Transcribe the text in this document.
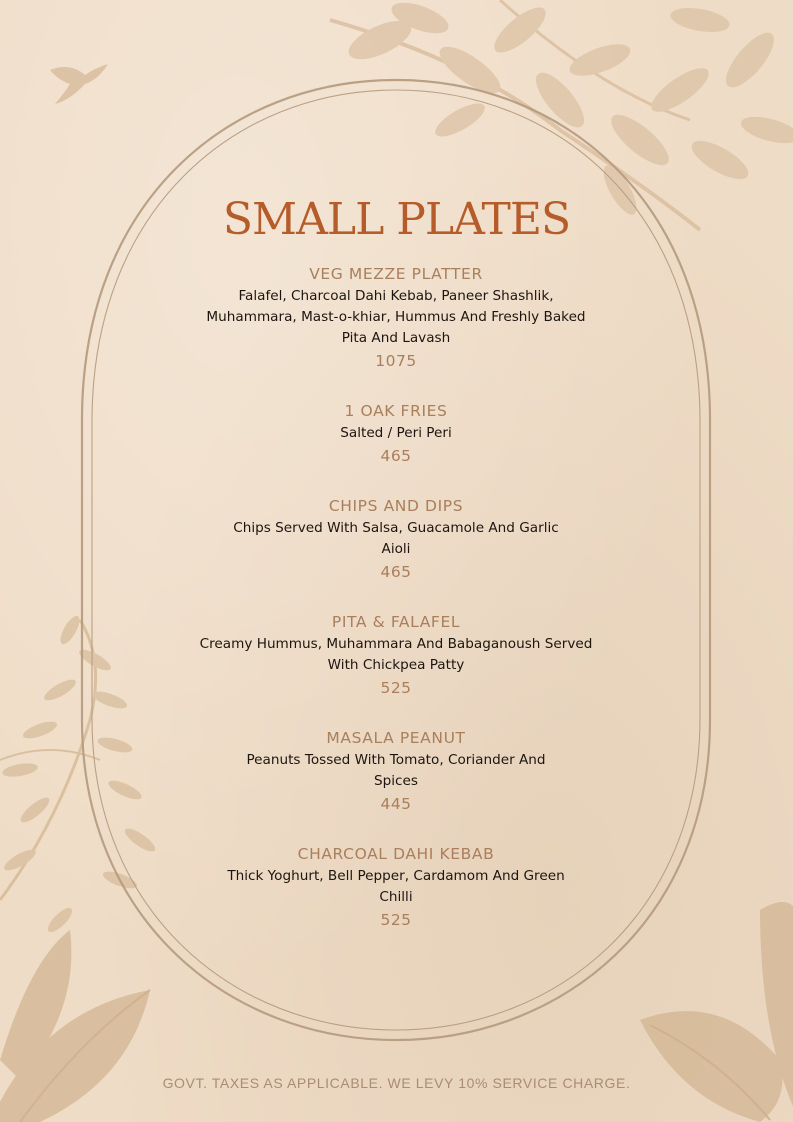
SMALL PLATES
VEG MEZZE PLATTER
Falafel, Charcoal Dahi Kebab, Paneer Shashlik, Muhammara, Mast-o-khiar, Hummus And Freshly Baked Pita And Lavash
1075
1 OAK FRIES
Salted / Peri Peri
465
CHIPS AND DIPS
Chips Served With Salsa, Guacamole And Garlic Aioli
465
PITA & FALAFEL
Creamy Hummus, Muhammara And Babaganoush Served With Chickpea Patty
525
MASALA PEANUT
Peanuts Tossed With Tomato, Coriander And Spices
445
CHARCOAL DAHI KEBAB
Thick Yoghurt, Bell Pepper, Cardamom And Green Chilli
525
GOVT. TAXES AS APPLICABLE. WE LEVY 10% SERVICE CHARGE.
